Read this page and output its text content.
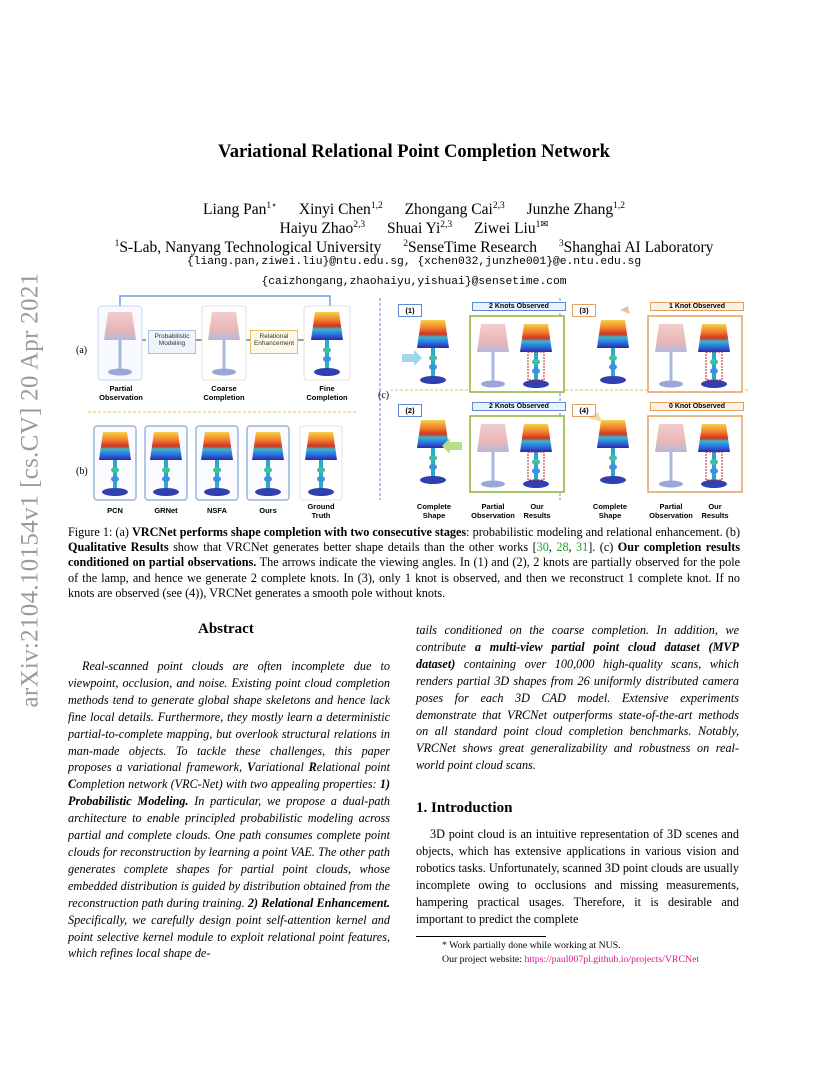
arXiv:2104.10154v1 [cs.CV] 20 Apr 2021
Variational Relational Point Completion Network
Liang Pan$^{1⋆}$ Xinyi Chen$^{1,2}$ Zhongang Cai$^{2,3}$ Junzhe Zhang$^{1,2}$
Haiyu Zhao$^{2,3}$ Shuai Yi$^{2,3}$ Ziwei Liu$^{1✉}$
$^1$S-Lab, Nanyang Technological University $^2$SenseTime Research $^3$Shanghai AI Laboratory
{liang.pan,ziwei.liu}@ntu.edu.sg, {xchen032,junzhe001}@e.ntu.edu.sg
{caizhongang,zhaohaiyu,yishuai}@sensetime.com
(a)
Probabilistic Modeling
Relational Enhancement
Partial Observation
Coarse Completion
Fine Completion
(b)
PCN	GRNet	NSFA	Ours	Ground Truth
(c)
(1)	2 Knots Observed
(2)	2 Knots Observed
(3)	1 Knot Observed
(4)	0 Knot Observed
Complete Shape
Partial Observation
Our Results
Complete Shape
Partial Observation
Our Results
Figure 1: (a) VRCNet performs shape completion with two consecutive stages: probabilistic modeling and relational enhancement. (b) Qualitative Results show that VRCNet generates better shape details than the other works [30, 28, 31]. (c) Our completion results conditioned on partial observations. The arrows indicate the viewing angles. In (1) and (2), 2 knots are partially observed for the pole of the lamp, and hence we generate 2 complete knots. In (3), only 1 knot is observed, and then we reconstruct 1 complete knot. If no knots are observed (see (4)), VRCNet generates a smooth pole without knots.
Abstract
Real-scanned point clouds are often incomplete due to viewpoint, occlusion, and noise. Existing point cloud completion methods tend to generate global shape skeletons and hence lack fine local details. Furthermore, they mostly learn a deterministic partial-to-complete mapping, but overlook structural relations in man-made objects. To tackle these challenges, this paper proposes a variational framework, Variational Relational point Completion network (VRC-Net) with two appealing properties: 1) Probabilistic Modeling. In particular, we propose a dual-path architecture to enable principled probabilistic modeling across partial and complete clouds. One path consumes complete point clouds for reconstruction by learning a point VAE. The other path generates complete shapes for partial point clouds, whose embedded distribution is guided by distribution obtained from the reconstruction path during training. 2) Relational Enhancement. Specifically, we carefully design point self-attention kernel and point selective kernel module to exploit relational point features, which refines local shape de-
tails conditioned on the coarse completion. In addition, we contribute a multi-view partial point cloud dataset (MVP dataset) containing over 100,000 high-quality scans, which renders partial 3D shapes from 26 uniformly distributed camera poses for each 3D CAD model. Extensive experiments demonstrate that VRCNet outperforms state-of-the-art methods on all standard point cloud completion benchmarks. Notably, VRCNet shows great generalizability and robustness on real-world point cloud scans.
1. Introduction
3D point cloud is an intuitive representation of 3D scenes and objects, which has extensive applications in various vision and robotics tasks. Unfortunately, scanned 3D point clouds are usually incomplete owing to occlusions and missing measurements, hampering practical usages. Therefore, it is desirable and important to predict the complete
* Work partially done while working at NUS.
Our project website: https://paul007pl.github.io/projects/VRCNet
